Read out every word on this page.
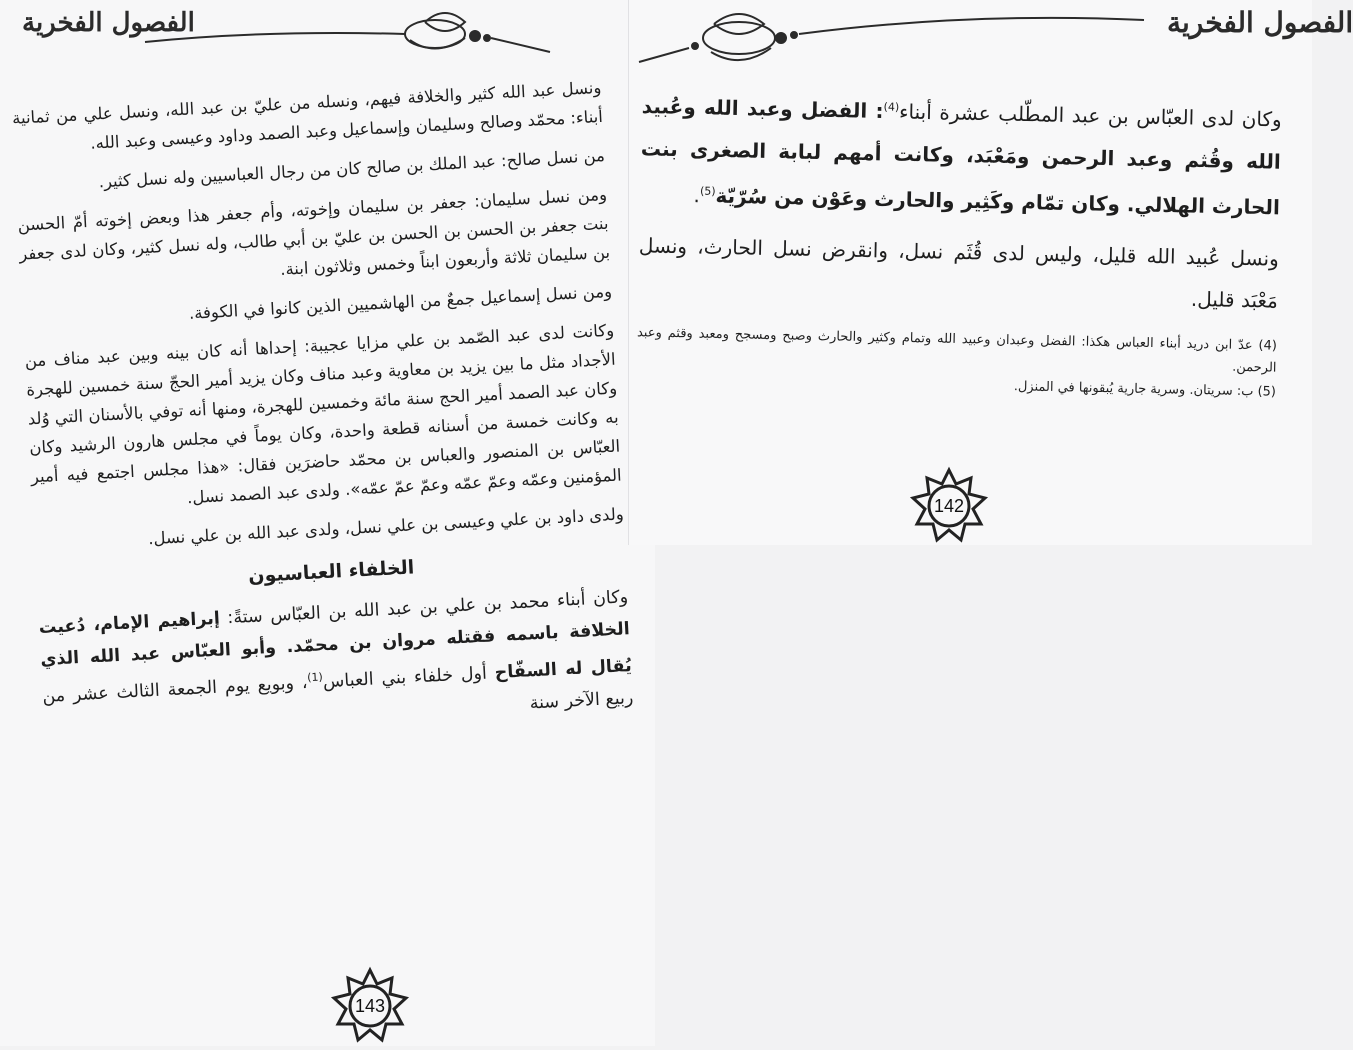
الفصول الفخرية

ونسل عبد الله كثير والخلافة فيهم، ونسله من عليّ بن عبد الله، ونسل علي من ثمانية أبناء: محمّد وصالح وسليمان وإسماعيل وعبد الصمد وداود وعيسى وعبد الله.

من نسل صالح: عبد الملك بن صالح كان من رجال العباسيين وله نسل كثير.

ومن نسل سليمان: جعفر بن سليمان وإخوته، وأم جعفر هذا وبعض إخوته أمّ الحسن بنت جعفر بن الحسن بن الحسن بن عليّ بن أبي طالب، وله نسل كثير، وكان لدى جعفر بن سليمان ثلاثة وأربعون ابناً وخمس وثلاثون ابنة.

ومن نسل إسماعيل جمعٌ من الهاشميين الذين كانوا في الكوفة.

وكانت لدى عبد الصّمد بن علي مزايا عجيبة: إحداها أنه كان بينه وبين عبد مناف من الأجداد مثل ما بين يزيد بن معاوية وعبد مناف وكان يزيد أمير الحجّ سنة خمسين للهجرة وكان عبد الصمد أمير الحج سنة مائة وخمسين للهجرة، ومنها أنه توفي بالأسنان التي وُلد به وكانت خمسة من أسنانه قطعة واحدة، وكان يوماً في مجلس هارون الرشيد وكان العبّاس بن المنصور والعباس بن محمّد حاضرَين فقال: «هذا مجلس اجتمع فيه أمير المؤمنين وعمّه وعمّ عمّه وعمّ عمّ عمّه». ولدى عبد الصمد نسل.

ولدى داود بن علي وعيسى بن علي نسل، ولدى عبد الله بن علي نسل.

الخلفاء العباسيون

وكان أبناء محمد بن علي بن عبد الله بن العبّاس ستةً: إبراهيم الإمام، دُعيت الخلافة باسمه فقتله مروان بن محمّد. وأبو العبّاس عبد الله الذي يُقال له السفّاح أول خلفاء بني العباس$^{(1)}$، وبويع يوم الجمعة الثالث عشر من ربيع الآخر سنة

143
الفصول الفخرية

وكان لدى العبّاس بن عبد المطّلب عشرة أبناء$^{(4)}$: الفضل وعبد الله وعُبيد الله وقُثم وعبد الرحمن ومَعْبَد، وكانت أمهم لبابة الصغرى بنت الحارث الهلالي. وكان تمّام وكَثِير والحارث وعَوْن من سُرّيّة$^{(5)}$.

ونسل عُبيد الله قليل، وليس لدى قُثَم نسل، وانقرض نسل الحارث، ونسل مَعْبَد قليل.

(4) عدّ ابن دريد أبناء العباس هكذا: الفضل وعبدان وعبيد الله وتمام وكثير والحارث وصبح ومسجح ومعبد وقثم وعبد الرحمن.

(5) ب: سريتان. وسرية جارية يُبقونها في المنزل.

142
